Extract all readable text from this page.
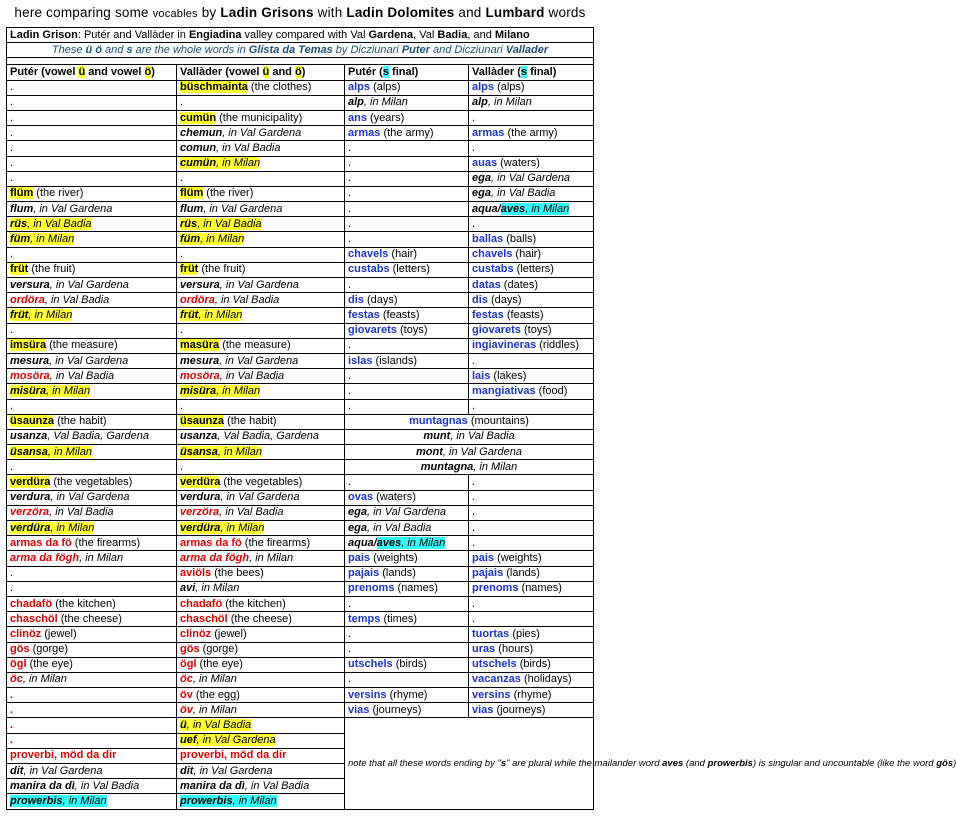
here comparing some vocables by Ladin Grisons with Ladin Dolomites and Lumbard words
Ladin Grison: Putér and Vallàder in Engiadina valley compared with Val Gardena, Val Badia, and Milano			
These ü ö and s are the whole words in Glista da Temas by Dicziunari Puter and Dicziunari Vallader			

Putér (vowel ü and vowel ö)	Vallàder (vowel ü and ö)	Putér (s final)	Vallàder (s final)
.	büschmainta (the clothes)	alps (alps)	alps (alps)
.	.	alp, in Milan	alp, in Milan
.	cumün (the municipality)	ans (years)	.
.	chemun, in Val Gardena	armas (the army)	armas (the army)
.	comun, in Val Badia	.	.
.	cumün, in Milan	.	auas (waters)
.	.	.	ega, in Val Gardena
flüm (the river)	flüm (the river)	.	ega, in Val Badia
flum, in Val Gardena	flum, in Val Gardena	.	aqua/aves, in Milan
rüs, in Val Badia	rüs, in Val Badia	.	.
füm, in Milan	füm, in Milan	.	ballas (balls)
.	.	chavels (hair)	chavels (hair)
früt (the fruit)	früt (the fruit)	custabs (letters)	custabs (letters)
versura, in Val Gardena	versura, in Val Gardena	.	datas (dates)
ordöra, in Val Badia	ordöra, in Val Badia	dis (days)	dis (days)
früt, in Milan	früt, in Milan	festas (feasts)	festas (feasts)
.	.	giovarets (toys)	giovarets (toys)
imsüra (the measure)	masüra (the measure)	.	ingiavineras (riddles)
mesura, in Val Gardena	mesura, in Val Gardena	islas (islands)	.
mosöra, in Val Badia	mosöra, in Val Badia	.	lais (lakes)
misüra, in Milan	misüra, in Milan	.	mangiativas (food)
.	.	.	.
üsaunza (the habit)	üsaunza (the habit)	muntagnas (mountains)	
usanza, Val Badia, Gardena	usanza, Val Badia, Gardena	munt, in Val Badia	
üsansa, in Milan	üsansa, in Milan	mont, in Val Gardena	
.	.	muntagna, in Milan	
verdüra (the vegetables)	verdüra (the vegetables)	.	.
verdura, in Val Gardena	verdura, in Val Gardena	ovas (waters)	.
verzöra, in Val Badia	verzöra, in Val Badia	ega, in Val Gardena	.
verdüra, in Milan	verdüra, in Milan	ega, in Val Badia	.
armas da fö (the firearms)	armas da fö (the firearms)	aqua/aves, in Milan	.
arma da fögh, in Milan	arma da fögh, in Milan	pais (weights)	pais (weights)
.	aviöls (the bees)	pajais (lands)	pajais (lands)
.	avi, in Milan	prenoms (names)	prenoms (names)
chadafö (the kitchen)	chadafö (the kitchen)	.	.
chaschöl (the cheese)	chaschöl (the cheese)	temps (times)	.
clinöz (jewel)	clinöz (jewel)	.	tuortas (pies)
gös (gorge)	gös (gorge)	.	uras (hours)
ögl (the eye)	ögl (the eye)	utschels (birds)	utschels (birds)
öc, in Milan	öc, in Milan	.	vacanzas (holidays)
.	öv (the egg)	versins (rhyme)	versins (rhyme)
.	öv, in Milan	vias (journeys)	vias (journeys)
.	ü, in Val Badia	note that all these words ending by "s" are plural while the mailander word aves (and prowerbis) is singular and uncountable (like the word gös)	
.	uef, in Val Gardena		
proverbi, möd da dir	proverbi, möd da dir		
dit, in Val Gardena	dit, in Val Gardena		
manira da dì, in Val Badia	manira da dì, in Val Badia		
prowerbis, in Milan	prowerbis, in Milan		
